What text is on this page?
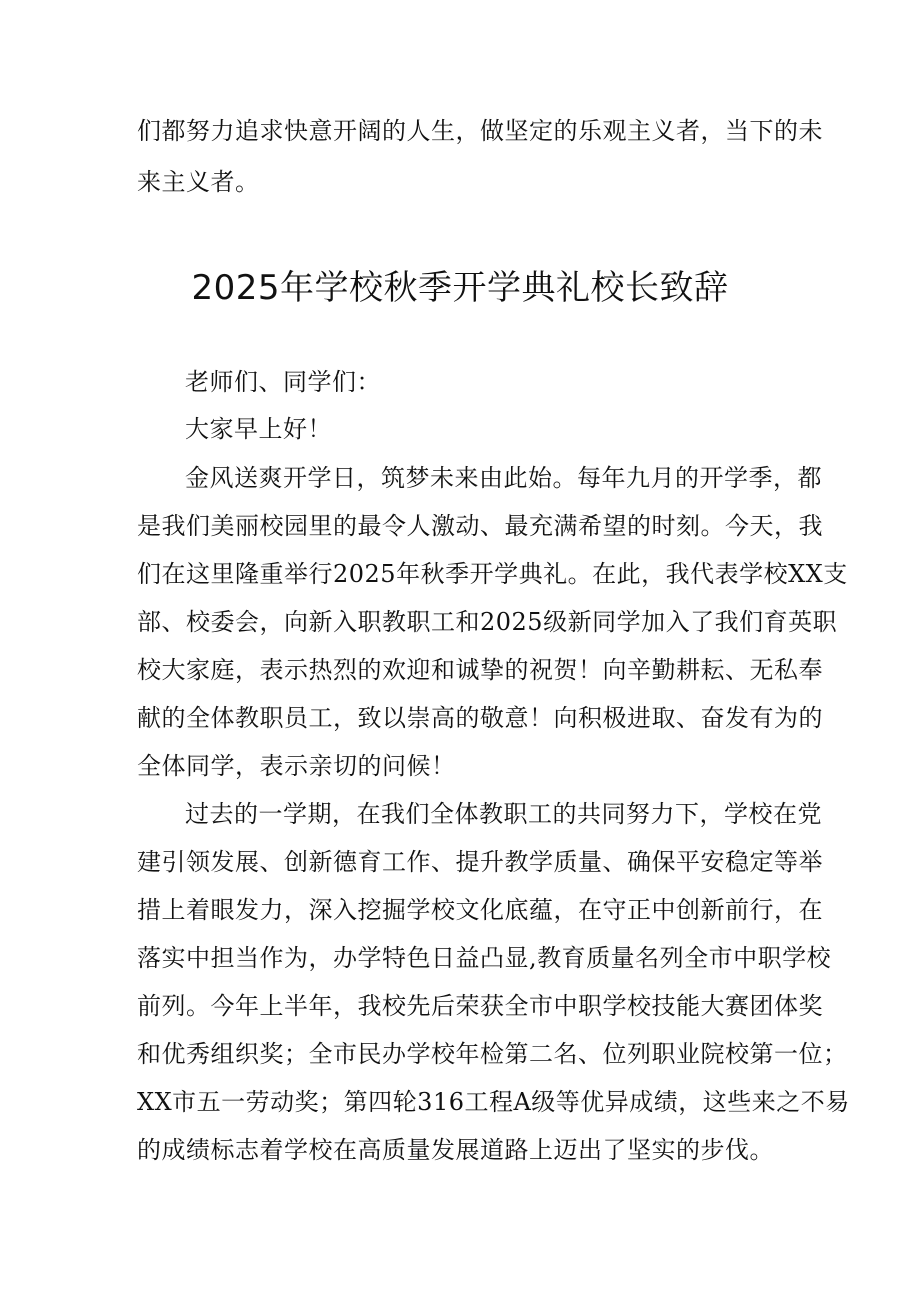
们都努力追求快意开阔的人生，做坚定的乐观主义者，当下的未
来主义者。
2025年学校秋季开学典礼校长致辞
老师们、同学们：
大家早上好！
金风送爽开学日，筑梦未来由此始。每年九月的开学季，都
是我们美丽校园里的最令人激动、最充满希望的时刻。今天，我
们在这里隆重举行2025年秋季开学典礼。在此，我代表学校XX支
部、校委会，向新入职教职工和2025级新同学加入了我们育英职
校大家庭，表示热烈的欢迎和诚挚的祝贺！向辛勤耕耘、无私奉
献的全体教职员工，致以崇高的敬意！向积极进取、奋发有为的
全体同学，表示亲切的问候！
过去的一学期，在我们全体教职工的共同努力下，学校在党
建引领发展、创新德育工作、提升教学质量、确保平安稳定等举
措上着眼发力，深入挖掘学校文化底蕴，在守正中创新前行，在
落实中担当作为，办学特色日益凸显,教育质量名列全市中职学校
前列。今年上半年，我校先后荣获全市中职学校技能大赛团体奖
和优秀组织奖；全市民办学校年检第二名、位列职业院校第一位；
XX市五一劳动奖；第四轮316工程A级等优异成绩，这些来之不易
的成绩标志着学校在高质量发展道路上迈出了坚实的步伐。
